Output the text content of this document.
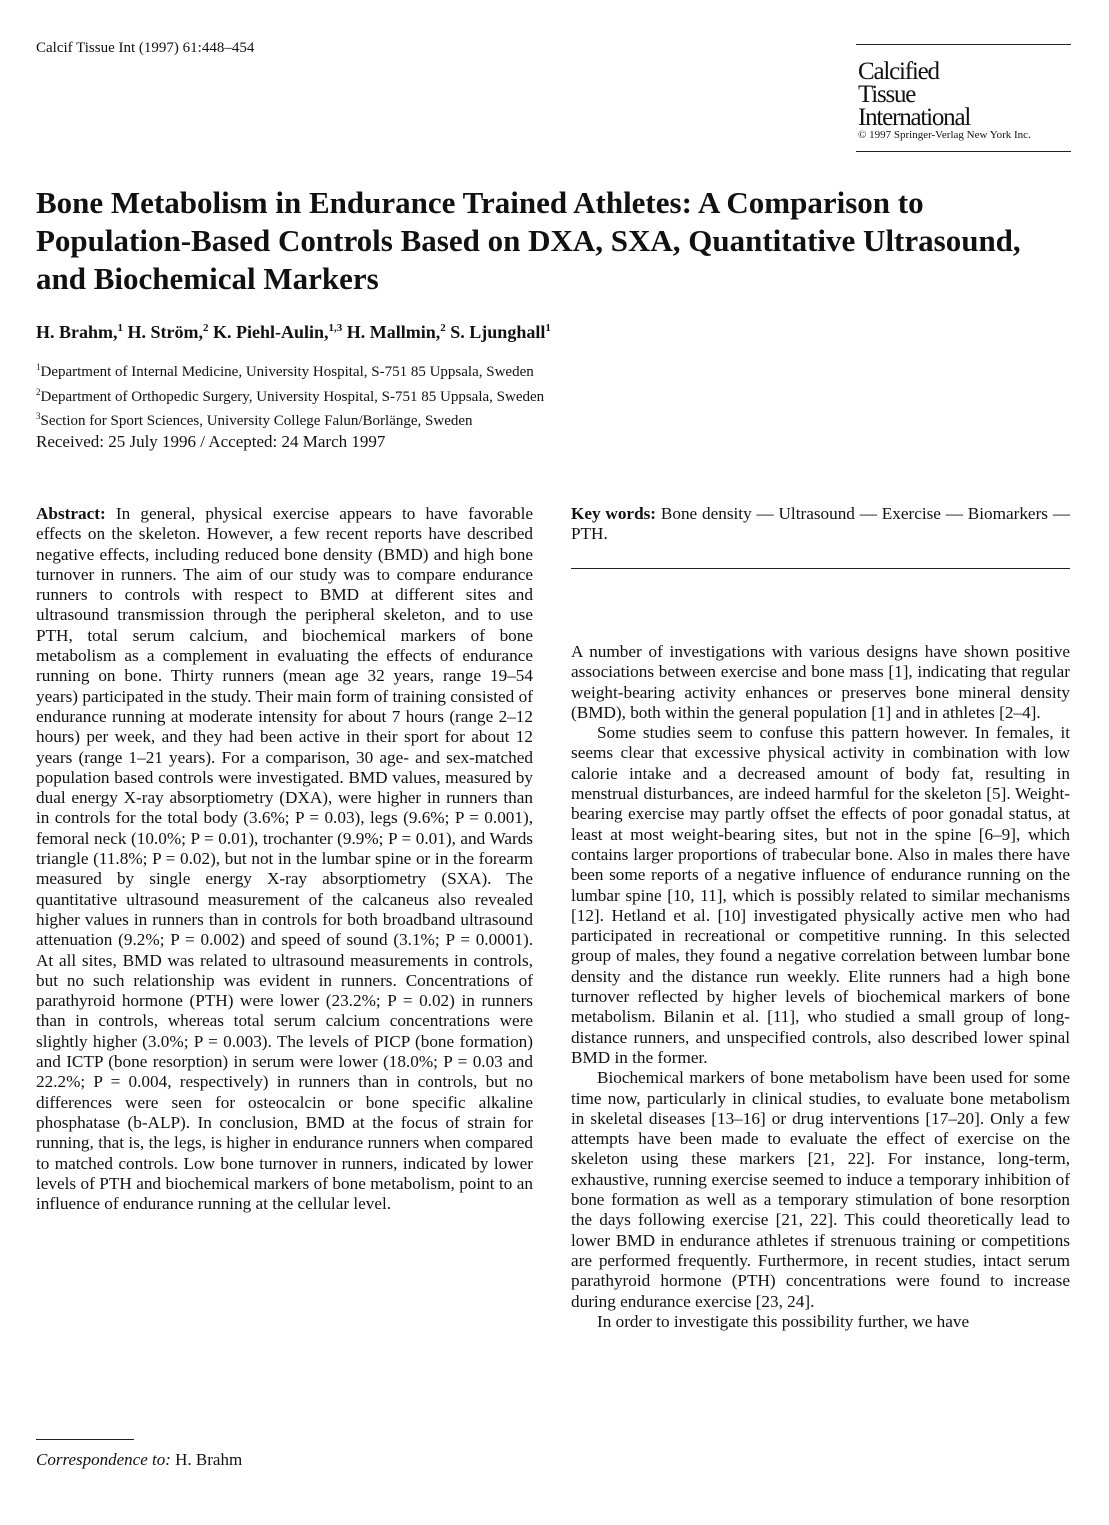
Calcif Tissue Int (1997) 61:448–454
Calcified
Tissue
International
© 1997 Springer-Verlag New York Inc.
Bone Metabolism in Endurance Trained Athletes: A Comparison to Population-Based Controls Based on DXA, SXA, Quantitative Ultrasound, and Biochemical Markers
H. Brahm,$^1$ H. Ström,$^2$ K. Piehl-Aulin,$^{1,3}$ H. Mallmin,$^2$ S. Ljunghall$^1$
$^1$Department of Internal Medicine, University Hospital, S-751 85 Uppsala, Sweden
$^2$Department of Orthopedic Surgery, University Hospital, S-751 85 Uppsala, Sweden
$^3$Section for Sport Sciences, University College Falun/Borlänge, Sweden
Received: 25 July 1996 / Accepted: 24 March 1997

Abstract: In general, physical exercise appears to have favorable effects on the skeleton. However, a few recent reports have described negative effects, including reduced bone density (BMD) and high bone turnover in runners. The aim of our study was to compare endurance runners to controls with respect to BMD at different sites and ultrasound transmission through the peripheral skeleton, and to use PTH, total serum calcium, and biochemical markers of bone metabolism as a complement in evaluating the effects of endurance running on bone. Thirty runners (mean age 32 years, range 19–54 years) participated in the study. Their main form of training consisted of endurance running at moderate intensity for about 7 hours (range 2–12 hours) per week, and they had been active in their sport for about 12 years (range 1–21 years). For a comparison, 30 age- and sex-matched population based controls were investigated. BMD values, measured by dual energy X-ray absorptiometry (DXA), were higher in runners than in controls for the total body (3.6%; P = 0.03), legs (9.6%; P = 0.001), femoral neck (10.0%; P = 0.01), trochanter (9.9%; P = 0.01), and Wards triangle (11.8%; P = 0.02), but not in the lumbar spine or in the forearm measured by single energy X-ray absorptiometry (SXA). The quantitative ultrasound measurement of the calcaneus also revealed higher values in runners than in controls for both broadband ultrasound attenuation (9.2%; P = 0.002) and speed of sound (3.1%; P = 0.0001). At all sites, BMD was related to ultrasound measurements in controls, but no such relationship was evident in runners. Concentrations of parathyroid hormone (PTH) were lower (23.2%; P = 0.02) in runners than in controls, whereas total serum calcium concentrations were slightly higher (3.0%; P = 0.003). The levels of PICP (bone formation) and ICTP (bone resorption) in serum were lower (18.0%; P = 0.03 and 22.2%; P = 0.004, respectively) in runners than in controls, but no differences were seen for osteocalcin or bone specific alkaline phosphatase (b-ALP). In conclusion, BMD at the focus of strain for running, that is, the legs, is higher in endurance runners when compared to matched controls. Low bone turnover in runners, indicated by lower levels of PTH and biochemical markers of bone metabolism, point to an influence of endurance running at the cellular level.

Key words: Bone density — Ultrasound — Exercise — Biomarkers — PTH.

A number of investigations with various designs have shown positive associations between exercise and bone mass [1], indicating that regular weight-bearing activity enhances or preserves bone mineral density (BMD), both within the general population [1] and in athletes [2–4].

Some studies seem to confuse this pattern however. In females, it seems clear that excessive physical activity in combination with low calorie intake and a decreased amount of body fat, resulting in menstrual disturbances, are indeed harmful for the skeleton [5]. Weight-bearing exercise may partly offset the effects of poor gonadal status, at least at most weight-bearing sites, but not in the spine [6–9], which contains larger proportions of trabecular bone. Also in males there have been some reports of a negative influence of endurance running on the lumbar spine [10, 11], which is possibly related to similar mechanisms [12]. Hetland et al. [10] investigated physically active men who had participated in recreational or competitive running. In this selected group of males, they found a negative correlation between lumbar bone density and the distance run weekly. Elite runners had a high bone turnover reflected by higher levels of biochemical markers of bone metabolism. Bilanin et al. [11], who studied a small group of long-distance runners, and unspecified controls, also described lower spinal BMD in the former.

Biochemical markers of bone metabolism have been used for some time now, particularly in clinical studies, to evaluate bone metabolism in skeletal diseases [13–16] or drug interventions [17–20]. Only a few attempts have been made to evaluate the effect of exercise on the skeleton using these markers [21, 22]. For instance, long-term, exhaustive, running exercise seemed to induce a temporary inhibition of bone formation as well as a temporary stimulation of bone resorption the days following exercise [21, 22]. This could theoretically lead to lower BMD in endurance athletes if strenuous training or competitions are performed frequently. Furthermore, in recent studies, intact serum parathyroid hormone (PTH) concentrations were found to increase during endurance exercise [23, 24].

In order to investigate this possibility further, we have

Correspondence to: H. Brahm
